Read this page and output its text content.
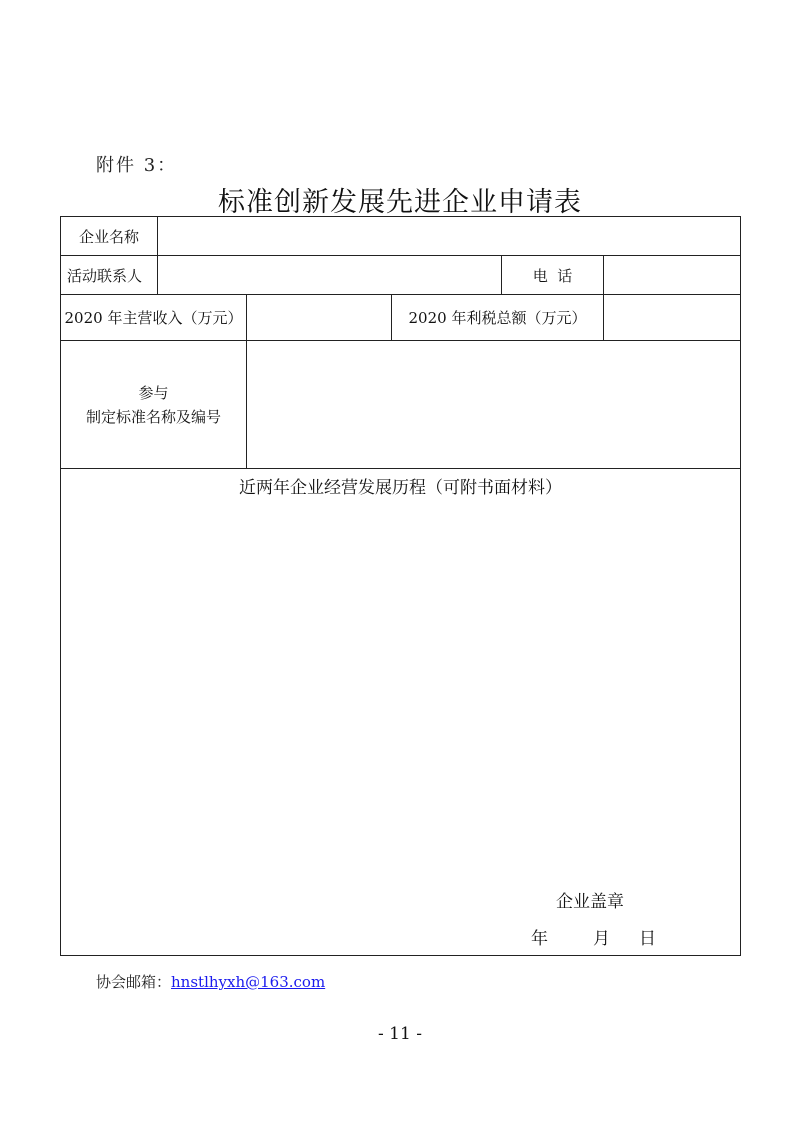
附件 3：
标准创新发展先进企业申请表
企业名称					

活动联系人				电  话	
2020 年主营收入（万元）			2020 年利税总额（万元）		

参与
制定标准名称及编号					

近两年企业经营发展历程（可附书面材料）
企业盖章
年 月 日					
协会邮箱：hnstlhyxh@163.com
- 11 -
